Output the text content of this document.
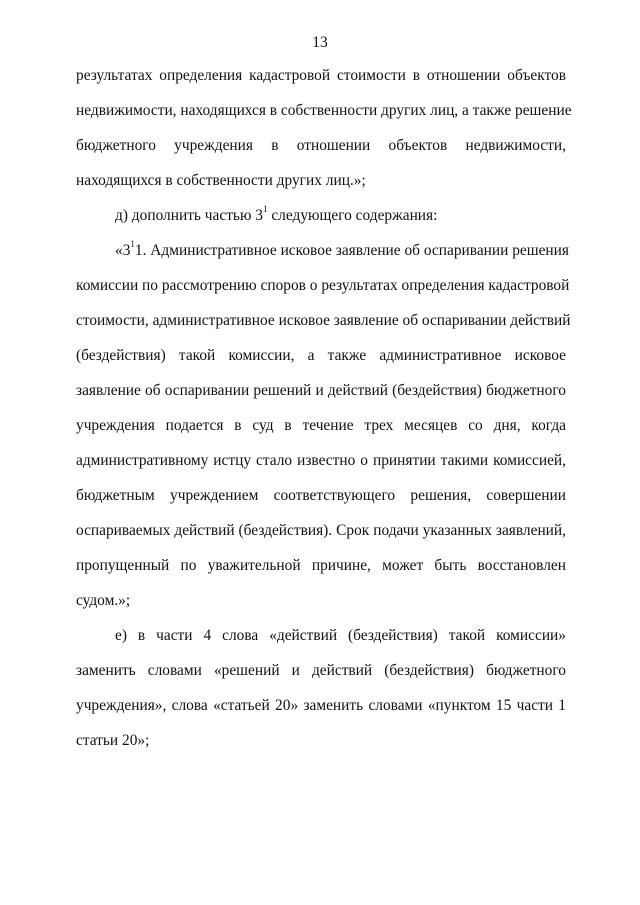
13
результатах определения кадастровой стоимости в отношении объектов
недвижимости, находящихся в собственности других лиц, а также решение
бюджетного учреждения в отношении объектов недвижимости,
находящихся в собственности других лиц.»;
д) дополнить частью $3^1$ следующего содержания:
«$3^11$. Административное исковое заявление об оспаривании решения
комиссии по рассмотрению споров о результатах определения кадастровой
стоимости, административное исковое заявление об оспаривании действий
(бездействия) такой комиссии, а также административное исковое
заявление об оспаривании решений и действий (бездействия) бюджетного
учреждения подается в суд в течение трех месяцев со дня, когда
административному истцу стало известно о принятии такими комиссией,
бюджетным учреждением соответствующего решения, совершении
оспариваемых действий (бездействия). Срок подачи указанных заявлений,
пропущенный по уважительной причине, может быть восстановлен
судом.»;
е) в части 4 слова «действий (бездействия) такой комиссии»
заменить словами «решений и действий (бездействия) бюджетного
учреждения», слова «статьей 20» заменить словами «пунктом 15 части 1
статьи 20»;
